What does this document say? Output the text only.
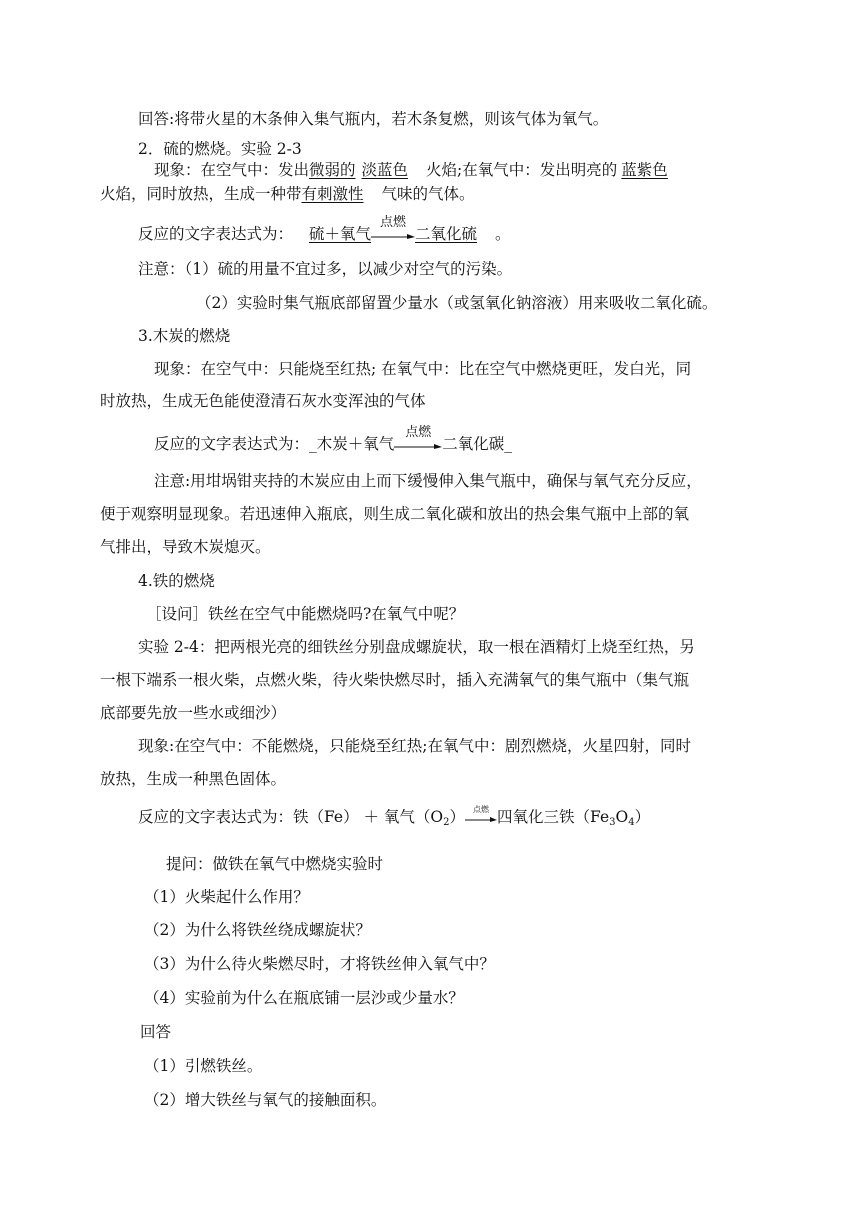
回答:将带火星的木条伸入集气瓶内，若木条复燃，则该气体为氧气。
2．硫的燃烧。实验 2-3
现象：在空气中：发出微弱的 淡蓝色 火焰;在氧气中：发出明亮的 蓝紫色
火焰，同时放热，生成一种带有刺激性 气味的气体。
反应的文字表达式为： 硫＋氧气
点燃
二氧化硫 。
注意：（1）硫的用量不宜过多，以减少对空气的污染。
（2）实验时集气瓶底部留置少量水（或氢氧化钠溶液）用来吸收二氧化硫。
3.木炭的燃烧
现象：在空气中：只能烧至红热; 在氧气中：比在空气中燃烧更旺，发白光，同
时放热，生成无色能使澄清石灰水变浑浊的气体
反应的文字表达式为：_木炭＋氧气
点燃
二氧化碳_
注意:用坩埚钳夹持的木炭应由上而下缓慢伸入集气瓶中，确保与氧气充分反应，
便于观察明显现象。若迅速伸入瓶底，则生成二氧化碳和放出的热会集气瓶中上部的氧
气排出，导致木炭熄灭。
4.铁的燃烧
［设问］铁丝在空气中能燃烧吗?在氧气中呢？
实验 2-4：把两根光亮的细铁丝分别盘成螺旋状，取一根在酒精灯上烧至红热，另
一根下端系一根火柴，点燃火柴，待火柴快燃尽时，插入充满氧气的集气瓶中（集气瓶
底部要先放一些水或细沙）
现象:在空气中：不能燃烧，只能烧至红热;在氧气中：剧烈燃烧，火星四射，同时
放热，生成一种黑色固体。
反应的文字表达式为：铁（Fe） ＋ 氧气$(O_2)$	点燃 四氧化三铁$(Fe_3O_4)$
提问：做铁在氧气中燃烧实验时
（1）火柴起什么作用？
（2）为什么将铁丝绕成螺旋状？
（3）为什么待火柴燃尽时，才将铁丝伸入氧气中？
（4）实验前为什么在瓶底铺一层沙或少量水？
回答
（1）引燃铁丝。
（2）增大铁丝与氧气的接触面积。
